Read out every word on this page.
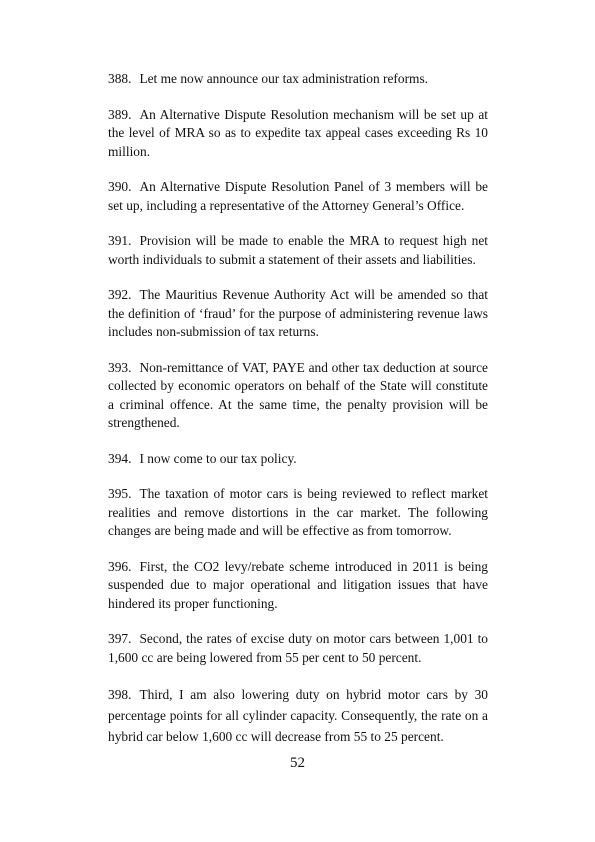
388. Let me now announce our tax administration reforms.

389. An Alternative Dispute Resolution mechanism will be set up at the level of MRA so as to expedite tax appeal cases exceeding Rs 10 million.

390. An Alternative Dispute Resolution Panel of 3 members will be set up, including a representative of the Attorney General’s Office.

391. Provision will be made to enable the MRA to request high net worth individuals to submit a statement of their assets and liabilities.

392. The Mauritius Revenue Authority Act will be amended so that the definition of ‘fraud’ for the purpose of administering revenue laws includes non-submission of tax returns.

393. Non-remittance of VAT, PAYE and other tax deduction at source collected by economic operators on behalf of the State will constitute a criminal offence. At the same time, the penalty provision will be strengthened.

394. I now come to our tax policy.

395. The taxation of motor cars is being reviewed to reflect market realities and remove distortions in the car market. The following changes are being made and will be effective as from tomorrow.

396. First, the CO2 levy/rebate scheme introduced in 2011 is being suspended due to major operational and litigation issues that have hindered its proper functioning.

397. Second, the rates of excise duty on motor cars between 1,001 to 1,600 cc are being lowered from 55 per cent to 50 percent.

398. Third, I am also lowering duty on hybrid motor cars by 30 percentage points for all cylinder capacity. Consequently, the rate on a hybrid car below 1,600 cc will decrease from 55 to 25 percent.

52
